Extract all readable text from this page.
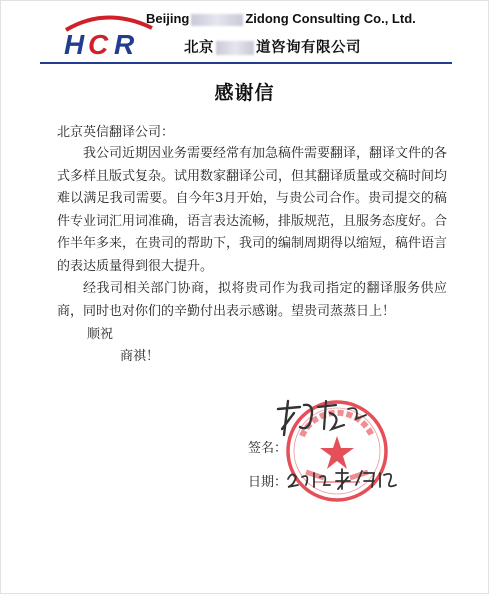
H C R
Beijing	Zidong Consulting Co., Ltd.
北京	道咨询有限公司
感谢信
北京英信翻译公司：

我公司近期因业务需要经常有加急稿件需要翻译，翻译文件的各式多样且版式复杂。试用数家翻译公司，但其翻译质量或交稿时间均难以满足我司需要。自今年3月开始，与贵公司合作。贵司提交的稿件专业词汇用词准确，语言表达流畅，排版规范，且服务态度好。合作半年多来，在贵司的帮助下，我司的编制周期得以缩短，稿件语言的表达质量得到很大提升。

经我司相关部门协商，拟将贵司作为我司指定的翻译服务供应商，同时也对你们的辛勤付出表示感谢。望贵司蒸蒸日上！

顺祝
商祺！
签名：
日期：
